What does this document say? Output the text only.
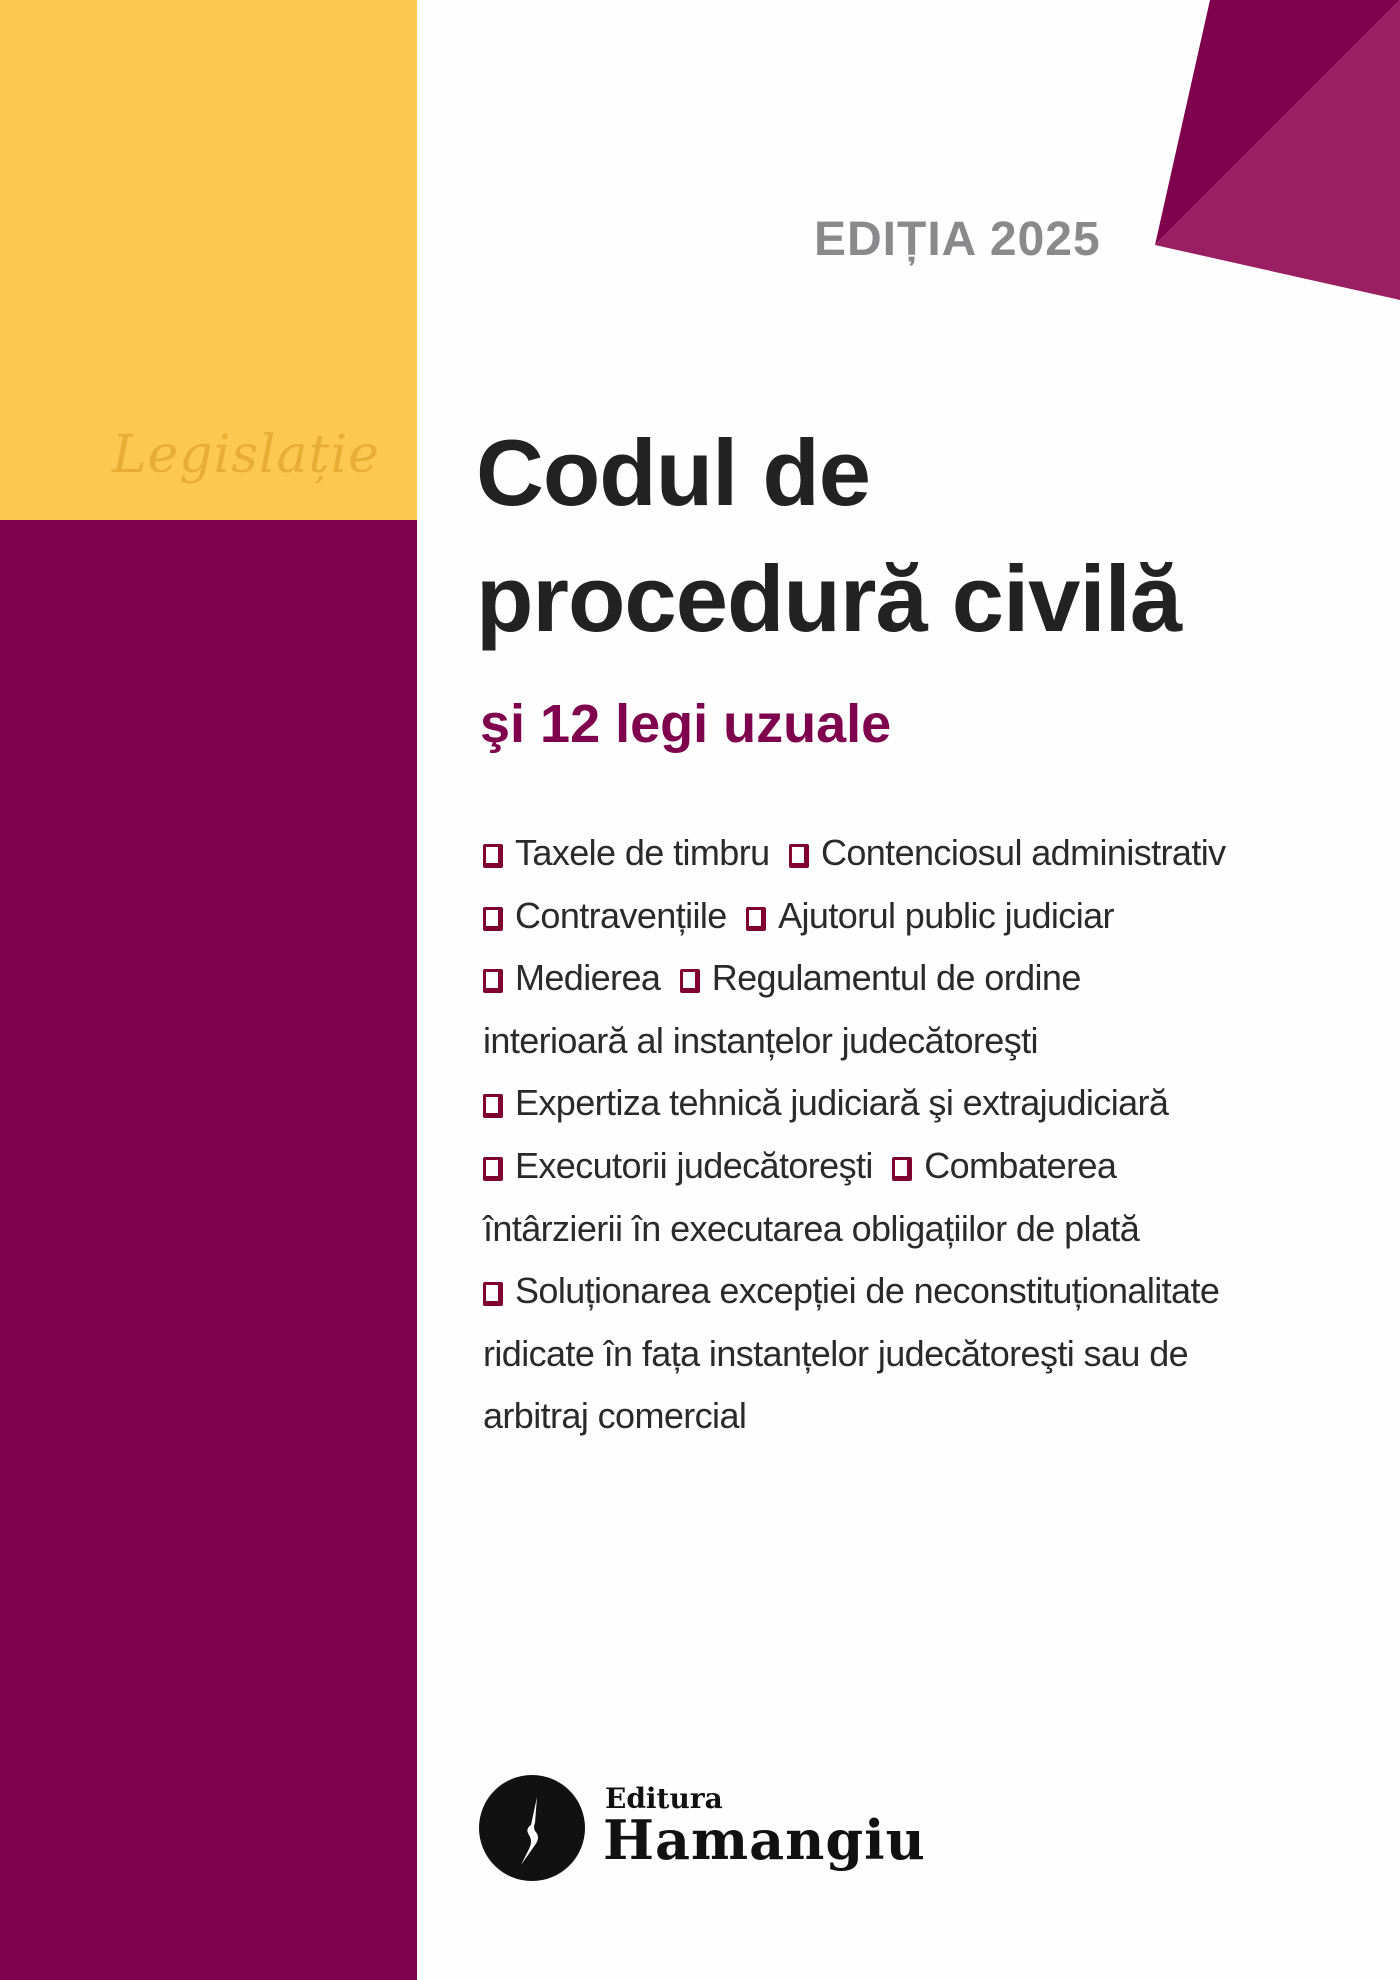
Legislație
EDIȚIA 2025
Codul de
procedură civilă
şi 12 legi uzuale
Taxele de timbru Contenciosul administrativ
Contravențiile Ajutorul public judiciar
Medierea Regulamentul de ordine
interioară al instanțelor judecătoreşti
Expertiza tehnică judiciară şi extrajudiciară
Executorii judecătoreşti Combaterea
întârzierii în executarea obligațiilor de plată
Soluționarea excepției de neconstituționalitate
ridicate în fața instanțelor judecătoreşti sau de
arbitraj comercial
Editura
Hamangiu
